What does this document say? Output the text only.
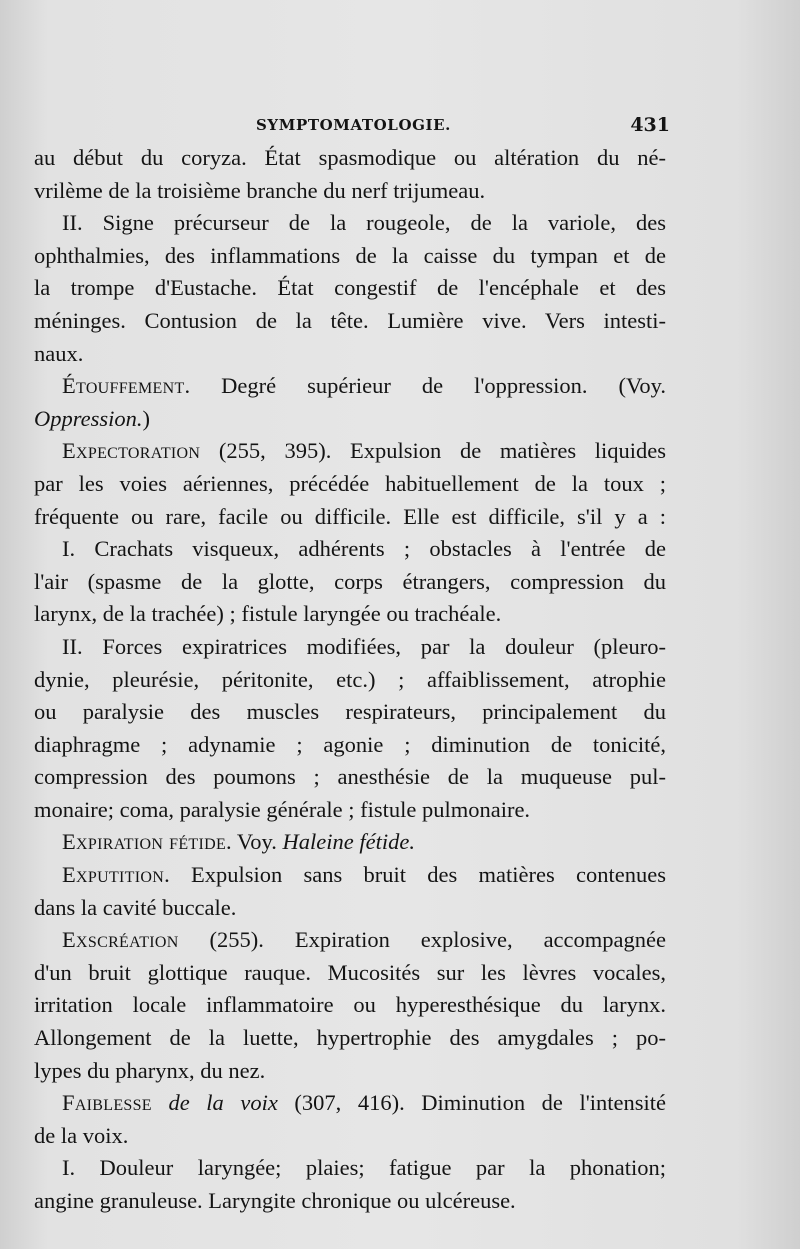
SYMPTOMATOLOGIE.	431
au début du coryza. État spasmodique ou altération du né-
vrilème de la troisième branche du nerf trijumeau.
II. Signe précurseur de la rougeole, de la variole, des
ophthalmies, des inflammations de la caisse du tympan et de
la trompe d'Eustache. État congestif de l'encéphale et des
méninges. Contusion de la tête. Lumière vive. Vers intesti-
naux.
Étouffement. Degré supérieur de l'oppression. (Voy.
Oppression.)
Expectoration (255, 395). Expulsion de matières liquides
par les voies aériennes, précédée habituellement de la toux ;
fréquente ou rare, facile ou difficile. Elle est difficile, s'il y a :
I. Crachats visqueux, adhérents ; obstacles à l'entrée de
l'air (spasme de la glotte, corps étrangers, compression du
larynx, de la trachée) ; fistule laryngée ou trachéale.
II. Forces expiratrices modifiées, par la douleur (pleuro-
dynie, pleurésie, péritonite, etc.) ; affaiblissement, atrophie
ou paralysie des muscles respirateurs, principalement du
diaphragme ; adynamie ; agonie ; diminution de tonicité,
compression des poumons ; anesthésie de la muqueuse pul-
monaire; coma, paralysie générale ; fistule pulmonaire.
Expiration fétide. Voy. Haleine fétide.
Exputition. Expulsion sans bruit des matières contenues
dans la cavité buccale.
Exscréation (255). Expiration explosive, accompagnée
d'un bruit glottique rauque. Mucosités sur les lèvres vocales,
irritation locale inflammatoire ou hyperesthésique du larynx.
Allongement de la luette, hypertrophie des amygdales ; po-
lypes du pharynx, du nez.
Faiblesse de la voix (307, 416). Diminution de l'intensité
de la voix.
I. Douleur laryngée; plaies; fatigue par la phonation;
angine granuleuse. Laryngite chronique ou ulcéreuse.
